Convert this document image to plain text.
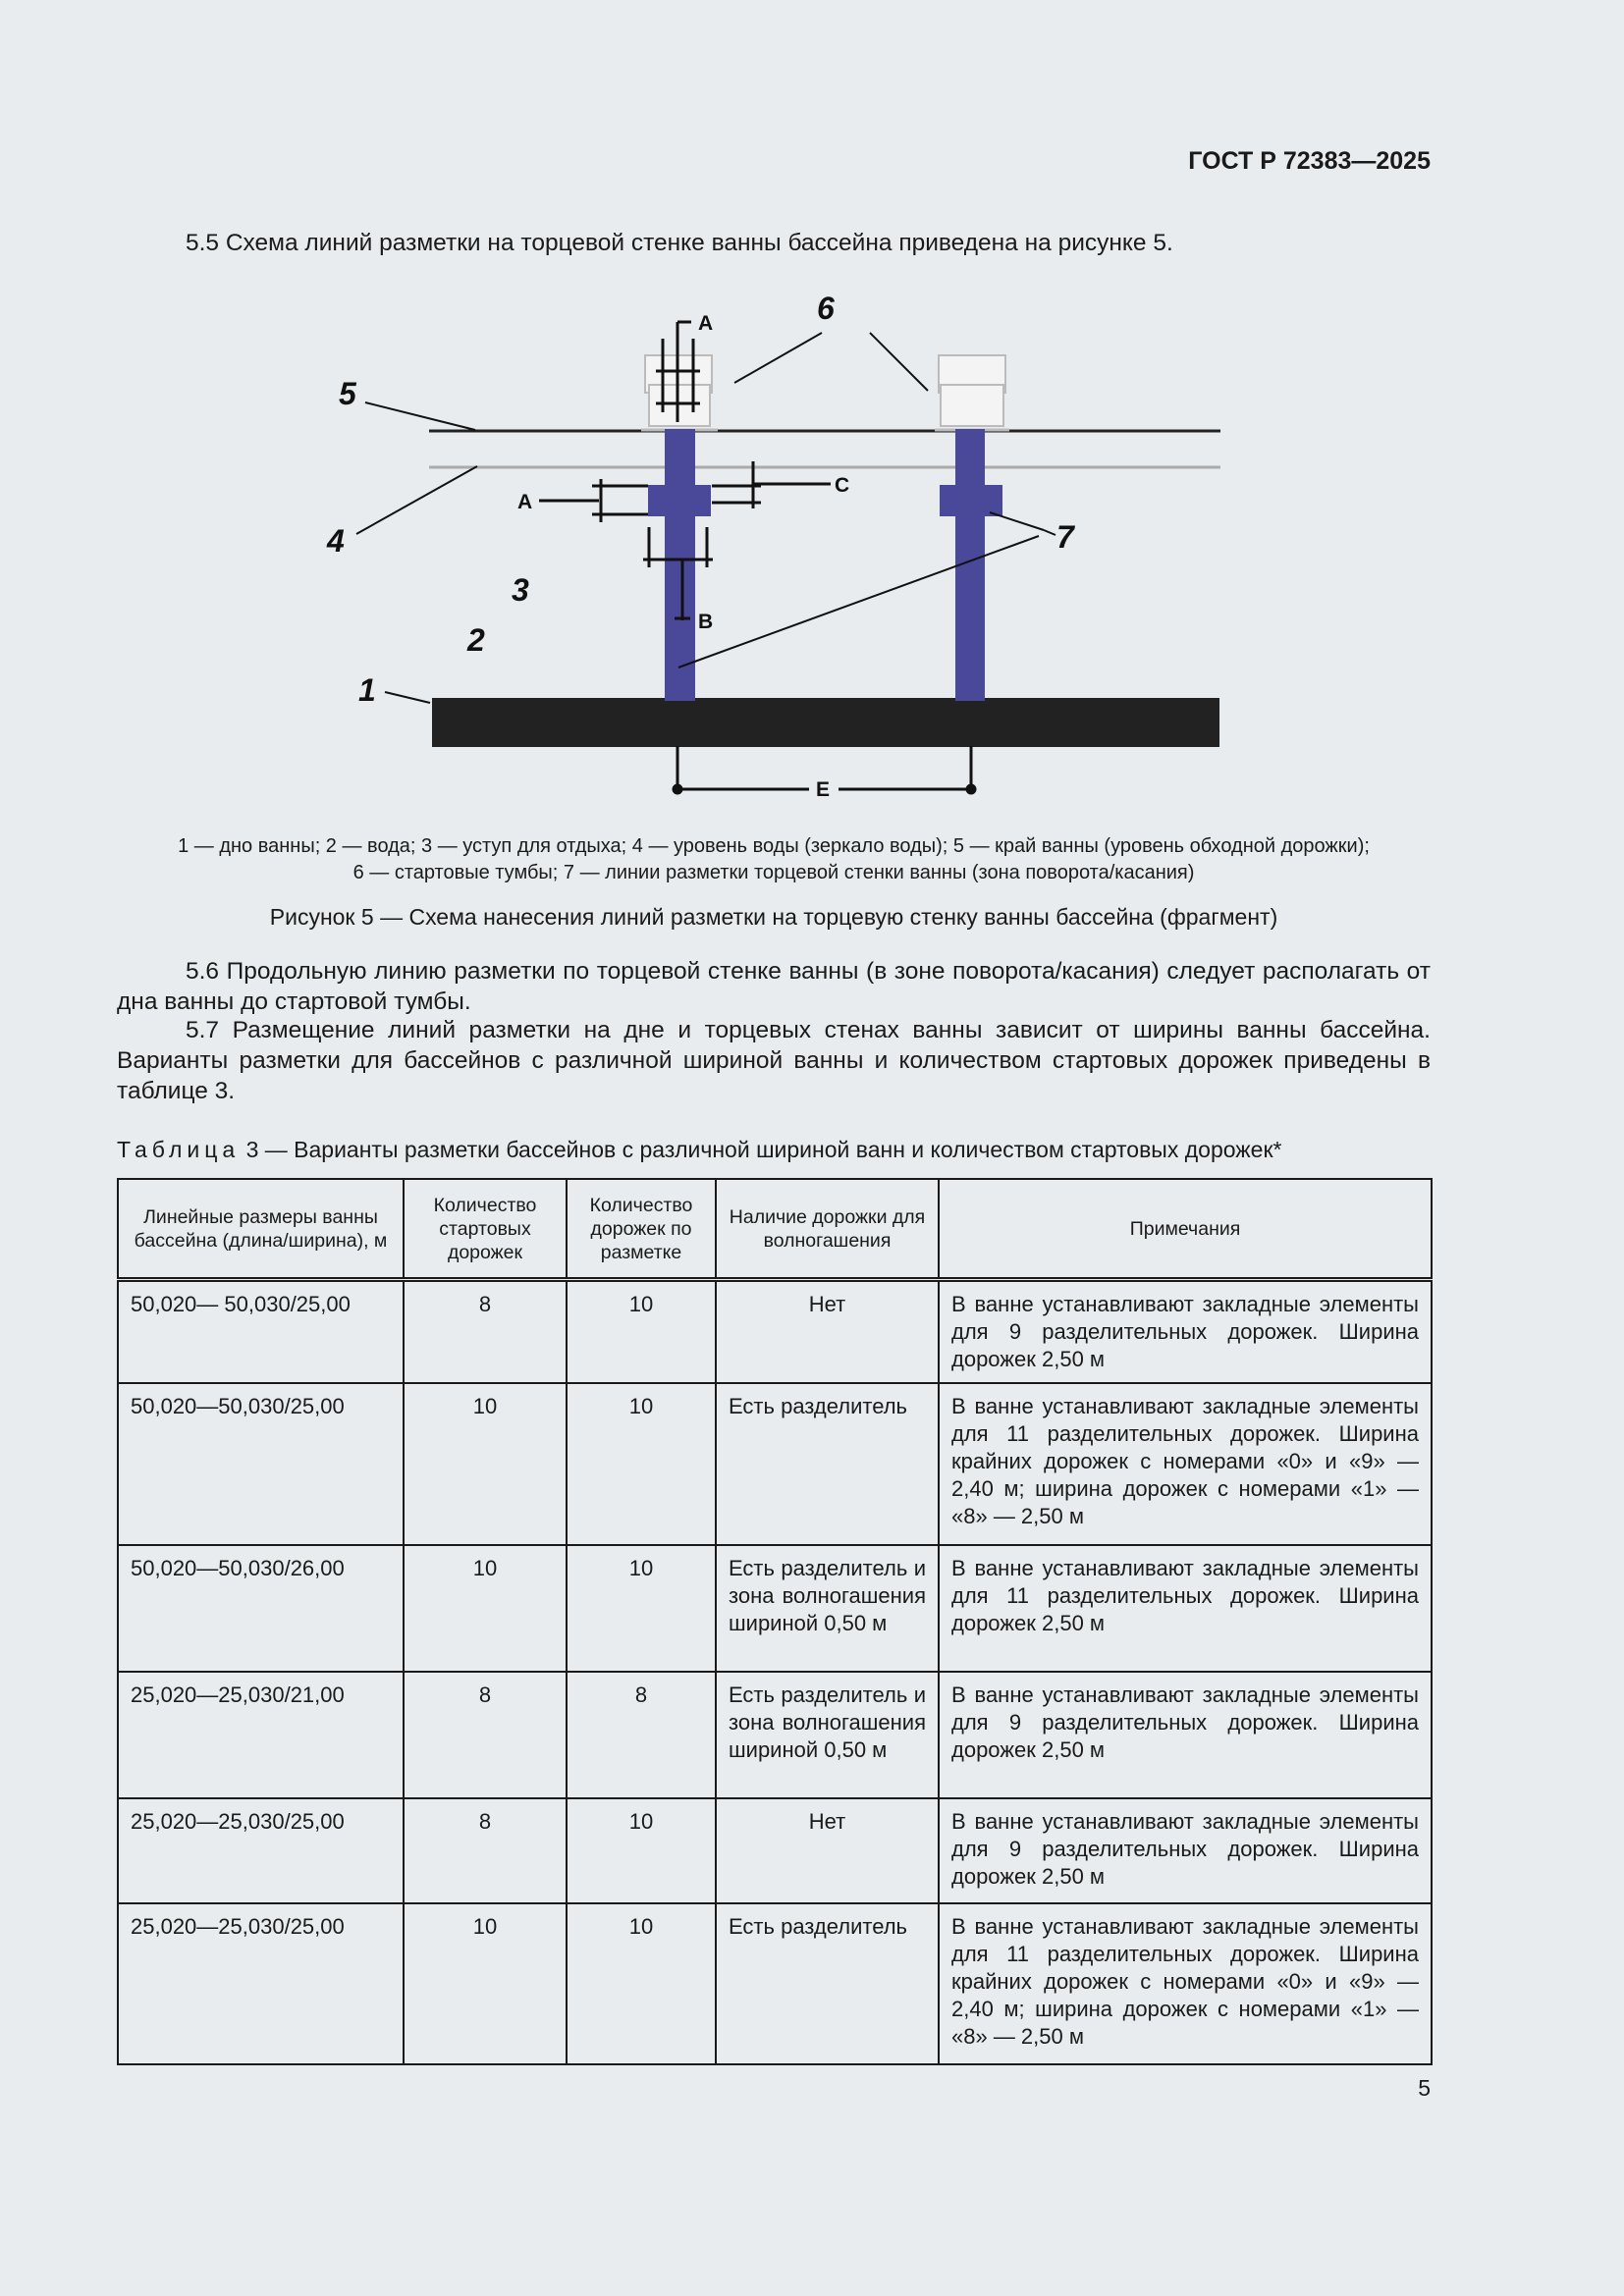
ГОСТ Р 72383—2025
5.5 Схема линий разметки на торцевой стенке ванны бассейна приведена на рисунке 5.
5
4
3
2
1
6
7
A
A
C
B
E
1 — дно ванны; 2 — вода; 3 — уступ для отдыха; 4 — уровень воды (зеркало воды); 5 — край ванны (уровень обходной дорожки);
6 — стартовые тумбы; 7 — линии разметки торцевой стенки ванны (зона поворота/касания)
Рисунок 5 — Схема нанесения линий разметки на торцевую стенку ванны бассейна (фрагмент)
5.6 Продольную линию разметки по торцевой стенке ванны (в зоне поворота/касания) следует располагать от дна ванны до стартовой тумбы.
5.7 Размещение линий разметки на дне и торцевых стенах ванны зависит от ширины ванны бассейна. Варианты разметки для бассейнов с различной шириной ванны и количеством стартовых дорожек приведены в таблице 3.
Таблица 3 — Варианты разметки бассейнов с различной шириной ванн и количеством стартовых дорожек*
Линейные размеры ванны бассейна (длина/ширина), м	Количество стартовых дорожек	Количество дорожек по разметке	Наличие дорожки для волногашения	Примечания
50,020— 50,030/25,00	8	10	Нет	В ванне устанавливают закладные элементы для 9 разделительных дорожек. Ширина дорожек 2,50 м
50,020—50,030/25,00	10	10	Есть разделитель	В ванне устанавливают закладные элементы для 11 разделительных дорожек. Ширина крайних дорожек с номерами «0» и «9» — 2,40 м; ширина дорожек с номерами «1» — «8» — 2,50 м
50,020—50,030/26,00	10	10	Есть разделитель и зона волногашения шириной 0,50 м	В ванне устанавливают закладные элементы для 11 разделительных дорожек. Ширина дорожек 2,50 м
25,020—25,030/21,00	8	8	Есть разделитель и зона волногашения шириной 0,50 м	В ванне устанавливают закладные элементы для 9 разделительных дорожек. Ширина дорожек 2,50 м
25,020—25,030/25,00	8	10	Нет	В ванне устанавливают закладные элементы для 9 разделительных дорожек. Ширина дорожек 2,50 м
25,020—25,030/25,00	10	10	Есть разделитель	В ванне устанавливают закладные элементы для 11 разделительных дорожек. Ширина крайних дорожек с номерами «0» и «9» — 2,40 м; ширина дорожек с номерами «1» — «8» — 2,50 м
5
